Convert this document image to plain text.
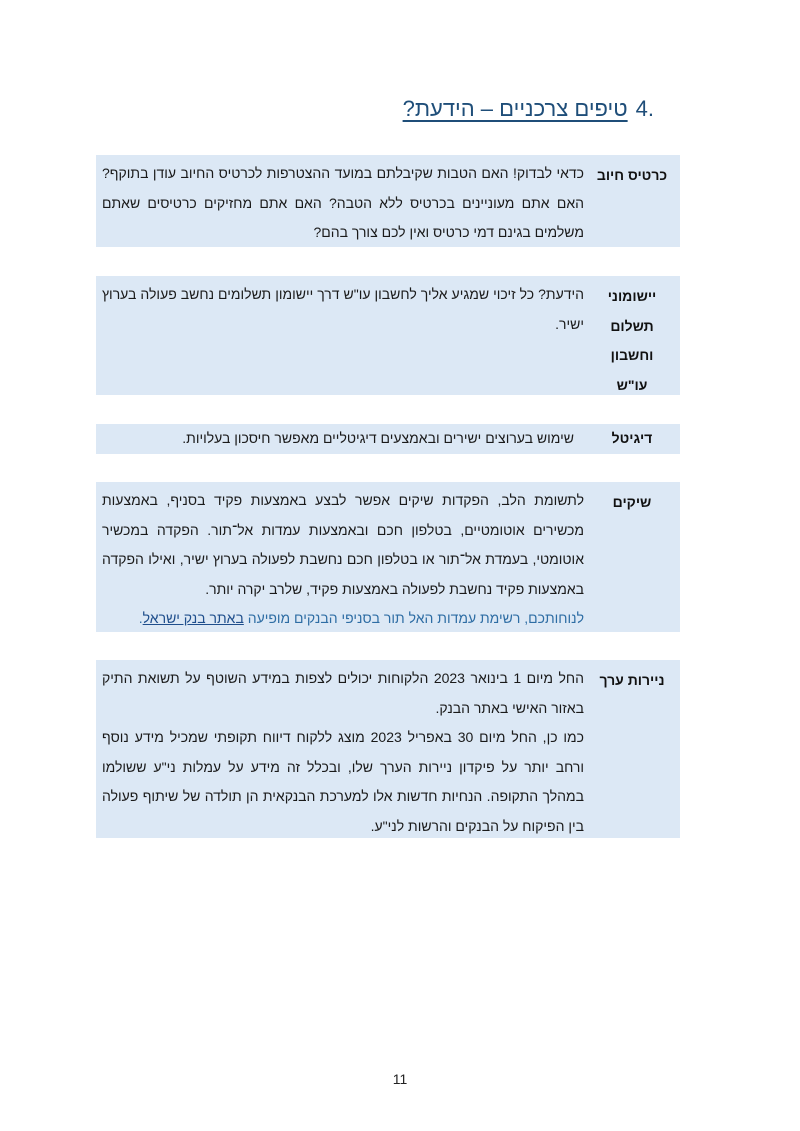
.4טיפים צרכניים – הידעת?
כרטיס חיוב

כדאי לבדוק! האם הטבות שקיבלתם במועד ההצטרפות לכרטיס החיוב עודן בתוקף? האם אתם מעוניינים בכרטיס ללא הטבה? האם אתם מחזיקים כרטיסים שאתם משלמים בגינם דמי כרטיס ואין לכם צורך בהם?

יישומוני
תשלום
וחשבון
עו"ש

הידעת? כל זיכוי שמגיע אליך לחשבון עו"ש דרך יישומון תשלומים נחשב פעולה בערוץ ישיר.

דיגיטל

שימוש בערוצים ישירים ובאמצעים דיגיטליים מאפשר חיסכון בעלויות.

שיקים

לתשומת הלב, הפקדות שיקים אפשר לבצע באמצעות פקיד בסניף, באמצעות מכשירים אוטומטיים, בטלפון חכם ובאמצעות עמדות אל־תור. הפקדה במכשיר אוטומטי, בעמדת אל־תור או בטלפון חכם נחשבת לפעולה בערוץ ישיר, ואילו הפקדה באמצעות פקיד נחשבת לפעולה באמצעות פקיד, שלרב יקרה יותר.

לנוחותכם, רשימת עמדות האל תור בסניפי הבנקים מופיעה באתר בנק ישראל.

ניירות ערך

החל מיום 1 בינואר 2023 הלקוחות יכולים לצפות במידע השוטף על תשואת התיק באזור האישי באתר הבנק.

כמו כן, החל מיום 30 באפריל 2023 מוצג ללקוח דיווח תקופתי שמכיל מידע נוסף ורחב יותר על פיקדון ניירות הערך שלו, ובכלל זה מידע על עמלות ני"ע ששולמו במהלך התקופה. הנחיות חדשות אלו למערכת הבנקאית הן תולדה של שיתוף פעולה בין הפיקוח על הבנקים והרשות לני"ע.

11
